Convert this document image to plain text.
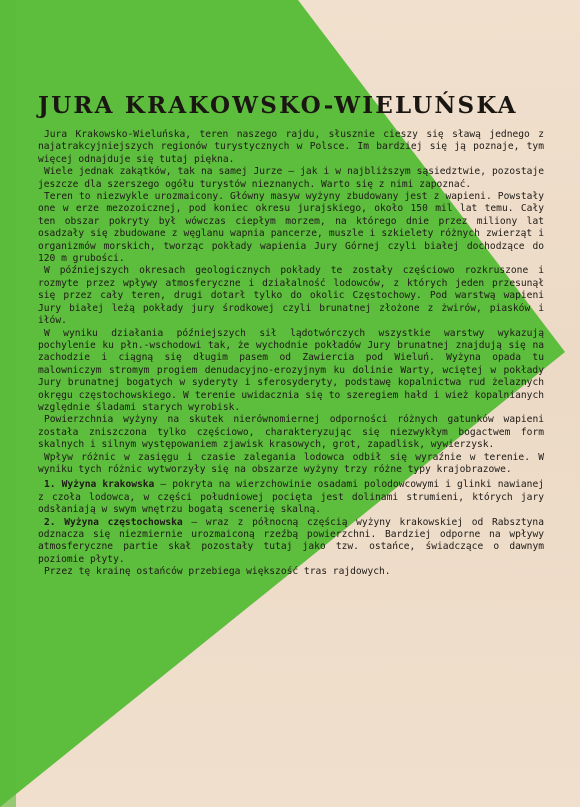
JURA KRAKOWSKO-WIELUŃSKA

Jura Krakowsko-Wieluńska, teren naszego rajdu, słusznie cieszy się sławą jednego z najatrakcyjniejszych regionów turystycznych w Polsce. Im bardziej się ją poznaje, tym więcej odnajduje się tutaj piękna.

Wiele jednak zakątków, tak na samej Jurze — jak i w najbliższym sąsiedztwie, pozostaje jeszcze dla szerszego ogółu turystów nieznanych. Warto się z nimi zapoznać.

Teren to niezwykle urozmaicony. Główny masyw wyżyny zbudowany jest z wapieni. Powstały one w erze mezozoicznej, pod koniec okresu jurajskiego, około 150 mil lat temu. Cały ten obszar pokryty był wówczas ciepłym morzem, na którego dnie przez miliony lat osadzały się zbudowane z węglanu wapnia pancerze, muszle i szkielety różnych zwierząt i organizmów morskich, tworząc pokłady wapienia Jury Górnej czyli białej dochodzące do 120 m grubości.

W późniejszych okresach geologicznych pokłady te zostały częściowo rozkruszone i rozmyte przez wpływy atmosferyczne i działalność lodowców, z których jeden przesunął się przez cały teren, drugi dotarł tylko do okolic Częstochowy. Pod warstwą wapieni Jury białej leżą pokłady jury środkowej czyli brunatnej złożone z żwirów, piasków i iłów.

W wyniku działania późniejszych sił lądotwórczych wszystkie warstwy wykazują pochylenie ku płn.-wschodowi tak, że wychodnie pokładów Jury brunatnej znajdują się na zachodzie i ciągną się długim pasem od Zawiercia pod Wieluń. Wyżyna opada tu malowniczym stromym progiem denudacyjno-erozyjnym ku dolinie Warty, wciętej w pokłady Jury brunatnej bogatych w syderyty i sferosyderyty, podstawę kopalnictwa rud żelaznych okręgu częstochowskiego. W terenie uwidacznia się to szeregiem hałd i wież kopalnianych względnie śladami starych wyrobisk.

Powierzchnia wyżyny na skutek nierównomiernej odporności różnych gatunków wapieni została zniszczona tylko częściowo, charakteryzując się niezwykłym bogactwem form skalnych i silnym występowaniem zjawisk krasowych, grot, zapadlisk, wywierzysk.

Wpływ różnic w zasięgu i czasie zalegania lodowca odbił się wyraźnie w terenie. W wyniku tych różnic wytworzyły się na obszarze wyżyny trzy różne typy krajobrazowe.

1. Wyżyna krakowska — pokryta na wierzchowinie osadami polodowcowymi i glinki nawianej z czoła lodowca, w części południowej pocięta jest dolinami strumieni, których jary odsłaniają w swym wnętrzu bogatą scenerię skalną.

2. Wyżyna częstochowska — wraz z północną częścią wyżyny krakowskiej od Rabsztyna odznacza się niezmiernie urozmaiconą rzeźbą powierzchni. Bardziej odporne na wpływy atmosferyczne partie skał pozostały tutaj jako tzw. ostańce, świadczące o dawnym poziomie płyty.

Przez tę krainę ostańców przebiega większość tras rajdowych.
